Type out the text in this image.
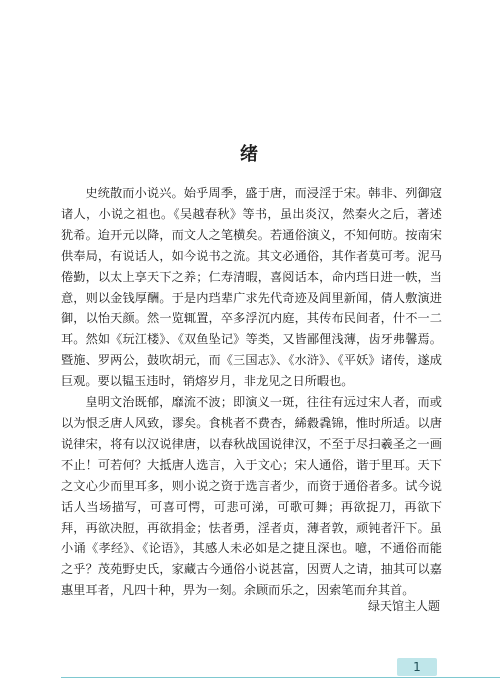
绪

史统散而小说兴。始乎周季，盛于唐，而浸淫于宋。韩非、列御寇诸人，小说之祖也。《吴越春秋》等书，虽出炎汉，然秦火之后，著述犹希。迨开元以降，而文人之笔横矣。若通俗演义，不知何昉。按南宋供奉局，有说话人，如今说书之流。其文必通俗，其作者莫可考。泥马倦勤，以太上享天下之养；仁寿清暇，喜阅话本，命内珰日进一帙，当意，则以金钱厚酬。于是内珰辈广求先代奇迹及闾里新闻，倩人敷演进御，以怡天颜。然一览辄置，卒多浮沉内庭，其传布民间者，什不一二耳。然如《玩江楼》、《双鱼坠记》等类，又皆鄙俚浅薄，齿牙弗馨焉。暨施、罗两公，鼓吹胡元，而《三国志》、《水浒》、《平妖》诸传，遂成巨观。要以韫玉违时，销熔岁月，非龙见之日所暇也。

皇明文治既郁，靡流不波；即演义一斑，往往有远过宋人者，而或以为恨乏唐人风致，谬矣。食桃者不费杏，絺縠毳锦，惟时所适。以唐说律宋，将有以汉说律唐，以春秋战国说律汉，不至于尽扫羲圣之一画不止！可若何？大抵唐人选言，入于文心；宋人通俗，谐于里耳。天下之文心少而里耳多，则小说之资于选言者少，而资于通俗者多。试今说话人当场描写，可喜可愕，可悲可涕，可歌可舞；再欲捉刀，再欲下拜，再欲决脰，再欲捐金；怯者勇，淫者贞，薄者敦，顽钝者汗下。虽小诵《孝经》、《论语》，其感人未必如是之捷且深也。噫，不通俗而能之乎？茂苑野史氏，家藏古今通俗小说甚富，因贾人之请，抽其可以嘉惠里耳者，凡四十种，畀为一刻。余顾而乐之，因索笔而弁其首。

绿天馆主人题
1
